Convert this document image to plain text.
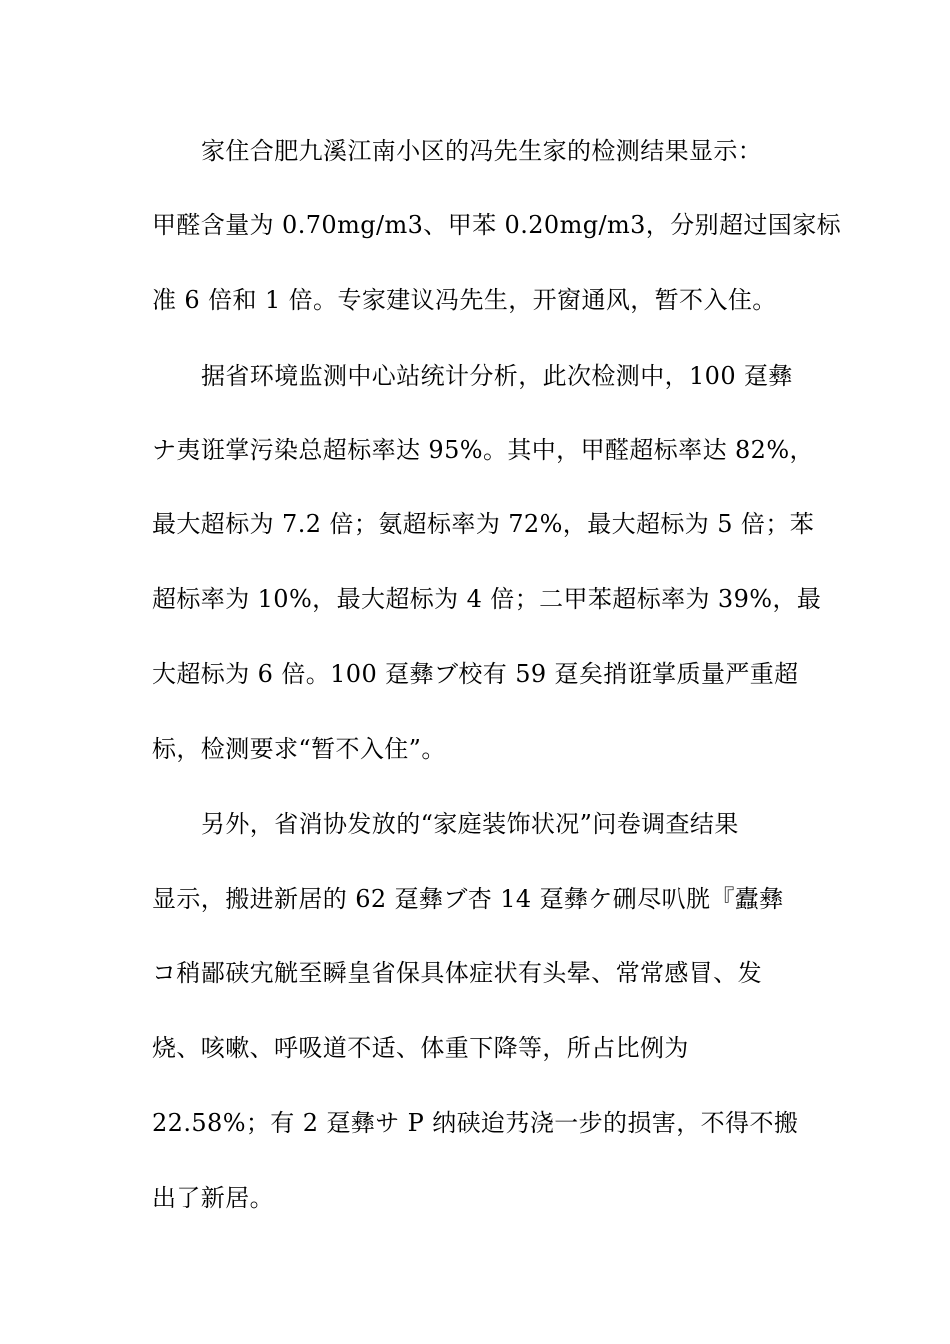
家住合肥九溪江南小区的冯先生家的检测结果显示：
甲醛含量为 0.70mg/m3、甲苯 0.20mg/m3，分别超过国家标
准 6 倍和 1 倍。专家建议冯先生，开窗通风，暂不入住。
据省环境监测中心站统计分析，此次检测中，100 趸彝
ナ夷诳掌污染总超标率达 95%。其中，甲醛超标率达 82%，
最大超标为 7.2 倍；氨超标率为 72%，最大超标为 5 倍；苯
超标率为 10%，最大超标为 4 倍；二甲苯超标率为 39%，最
大超标为 6 倍。100 趸彝ブ校有 59 趸矣捎诳掌质量严重超
标，检测要求“暂不入住”。
另外，省消协发放的“家庭装饰状况”问卷调查结果
显示，搬进新居的 62 趸彝ブ杏 14 趸彝ケ硎尽叭胱『蠹彝
コ稍鄙硖宄觥至瞬皇省保具体症状有头晕、常常感冒、发
烧、咳嗽、呼吸道不适、体重下降等，所占比例为
22.58%；有 2 趸彝サ P 纳硖迨艿浇一步的损害，不得不搬
出了新居。
